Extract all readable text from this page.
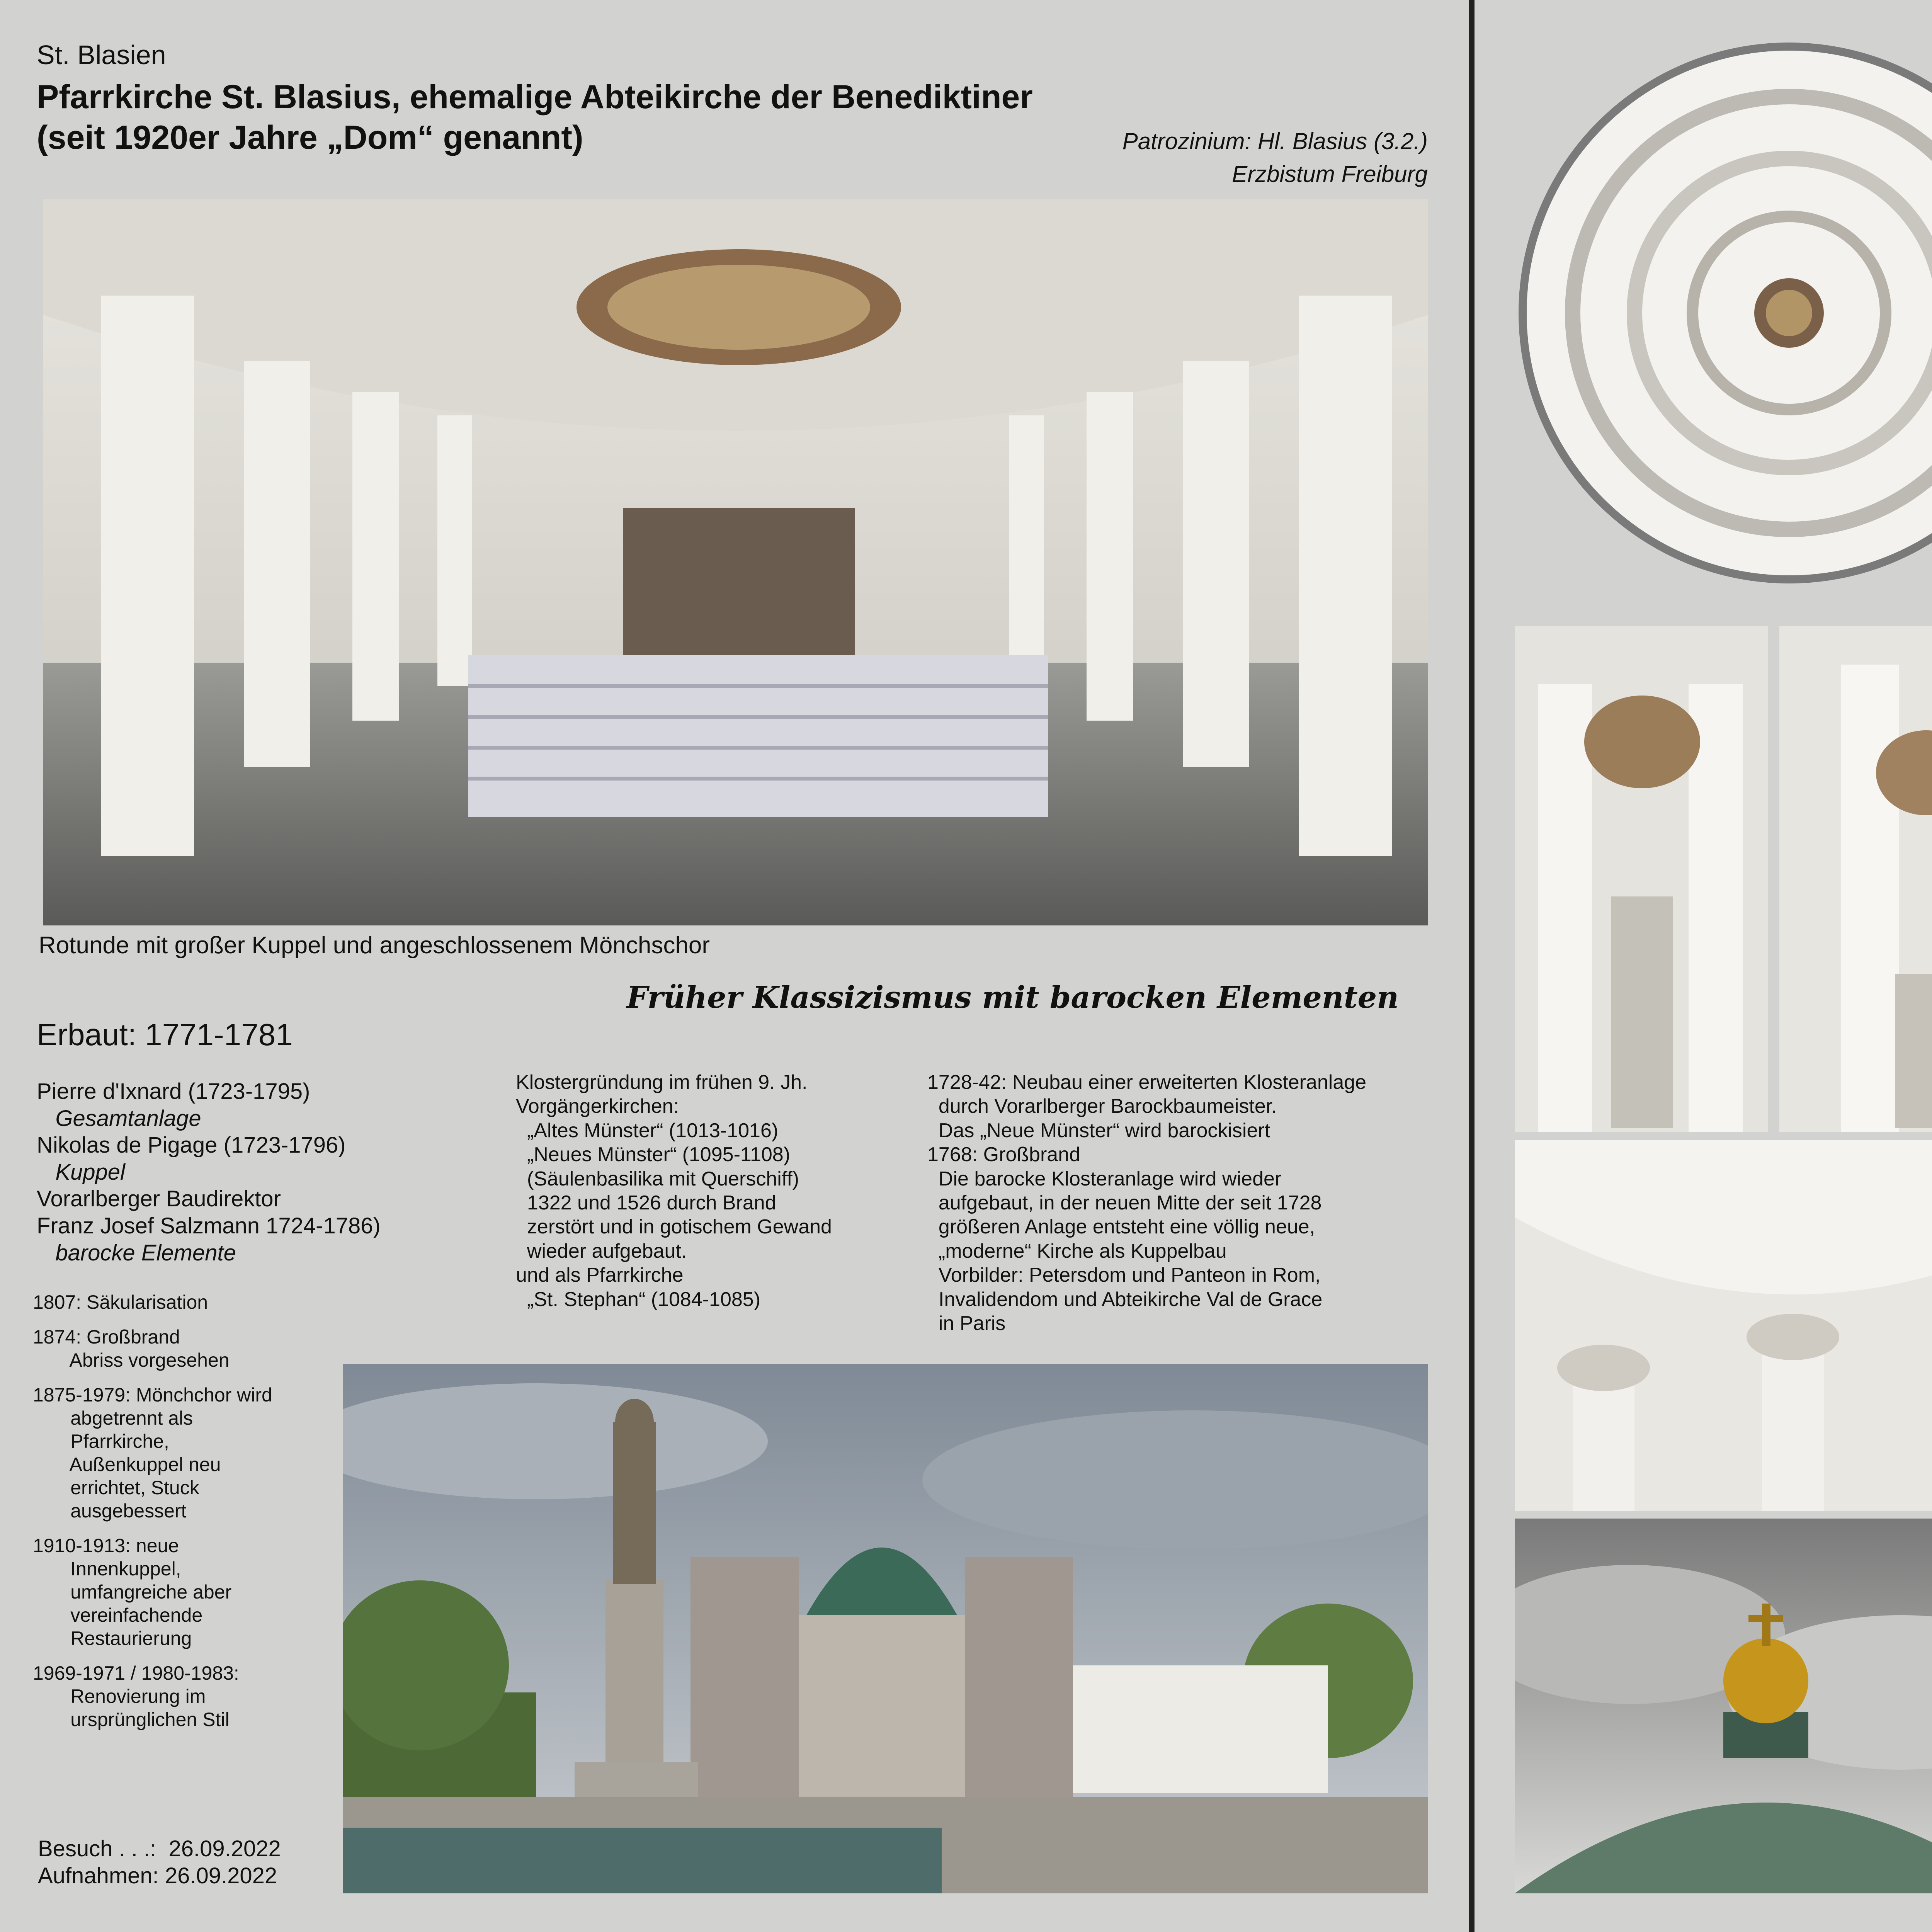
St. Blasien
Pfarrkirche St. Blasius, ehemalige Abteikirche der Benediktiner
(seit 1920er Jahre „Dom“ genannt)	Patrozinium: Hl. Blasius (3.2.)
Erzbistum Freiburg
Rotunde mit großer Kuppel und angeschlossenem Mönchschor
Früher Klassizismus mit barocken Elementen
Erbaut: 1771-1781
Pierre d'Ixnard (1723-1795)
Gesamtanlage
Nikolas de Pigage (1723-1796)
Kuppel
Vorarlberger Baudirektor
Franz Josef Salzmann 1724-1786)
barocke Elemente
Klostergründung im frühen 9. Jh.
Vorgängerkirchen:
„Altes Münster“ (1013-1016)
„Neues Münster“ (1095-1108)
(Säulenbasilika mit Querschiff)
1322 und 1526 durch Brand
zerstört und in gotischem Gewand
wieder aufgebaut.
und als Pfarrkirche
„St. Stephan“ (1084-1085)
1728-42: Neubau einer erweiterten Klosteranlage
durch Vorarlberger Barockbaumeister.
Das „Neue Münster“ wird barockisiert
1768: Großbrand
Die barocke Klosteranlage wird wieder
aufgebaut, in der neuen Mitte der seit 1728
größeren Anlage entsteht eine völlig neue,
„moderne“ Kirche als Kuppelbau
Vorbilder: Petersdom und Panteon in Rom,
Invalidendom und Abteikirche Val de Grace
in Paris
1807: Säkularisation
1874: Großbrand
Abriss vorgesehen
1875-1979: Mönchchor wird
abgetrennt als
Pfarrkirche,
Außenkuppel neu
errichtet, Stuck
ausgebessert
1910-1913: neue
Innenkuppel,
umfangreiche aber
vereinfachende
Restaurierung
1969-1971 / 1980-1983:
Renovierung im
ursprünglichen Stil
Besuch . . .:  26.09.2022
Aufnahmen: 26.09.2022
